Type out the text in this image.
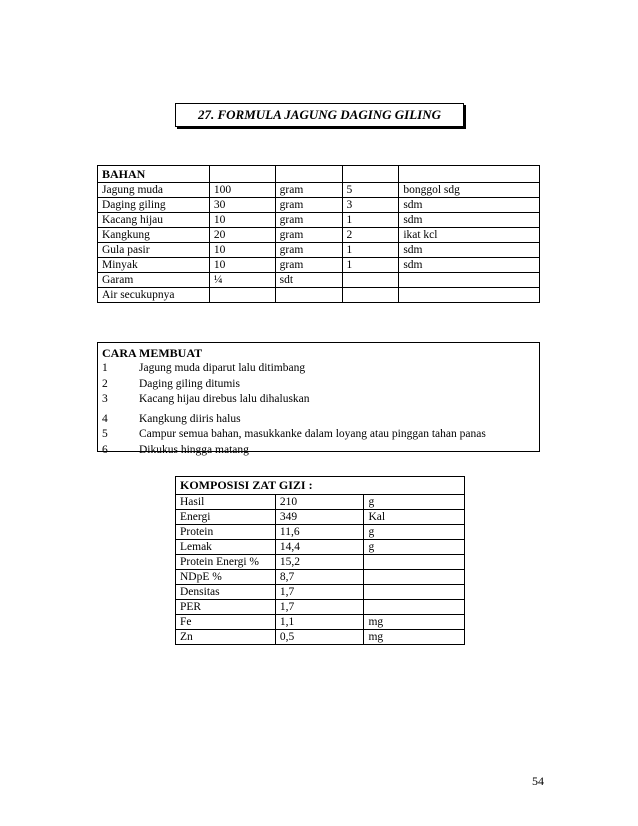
27. FORMULA JAGUNG DAGING GILING
BAHAN				
Jagung muda	100	gram	5	bonggol sdg
Daging giling	30	gram	3	sdm
Kacang hijau	10	gram	1	sdm
Kangkung	20	gram	2	ikat kcl
Gula pasir	10	gram	1	sdm
Minyak	10	gram	1	sdm
Garam	¼	sdt		
Air secukupnya				
CARA MEMBUAT
1	Jagung muda diparut lalu ditimbang
2	Daging giling ditumis
3	Kacang hijau direbus lalu dihaluskan
4	Kangkung diiris halus
5	Campur semua bahan, masukkanke dalam loyang atau pinggan tahan panas
6	Dikukus hingga matang
KOMPOSISI ZAT GIZI :		
Hasil	210	g
Energi	349	Kal
Protein	11,6	g
Lemak	14,4	g
Protein Energi %	15,2	
NDpE %	8,7	
Densitas	1,7	
PER	1,7	
Fe	1,1	mg
Zn	0,5	mg
54
